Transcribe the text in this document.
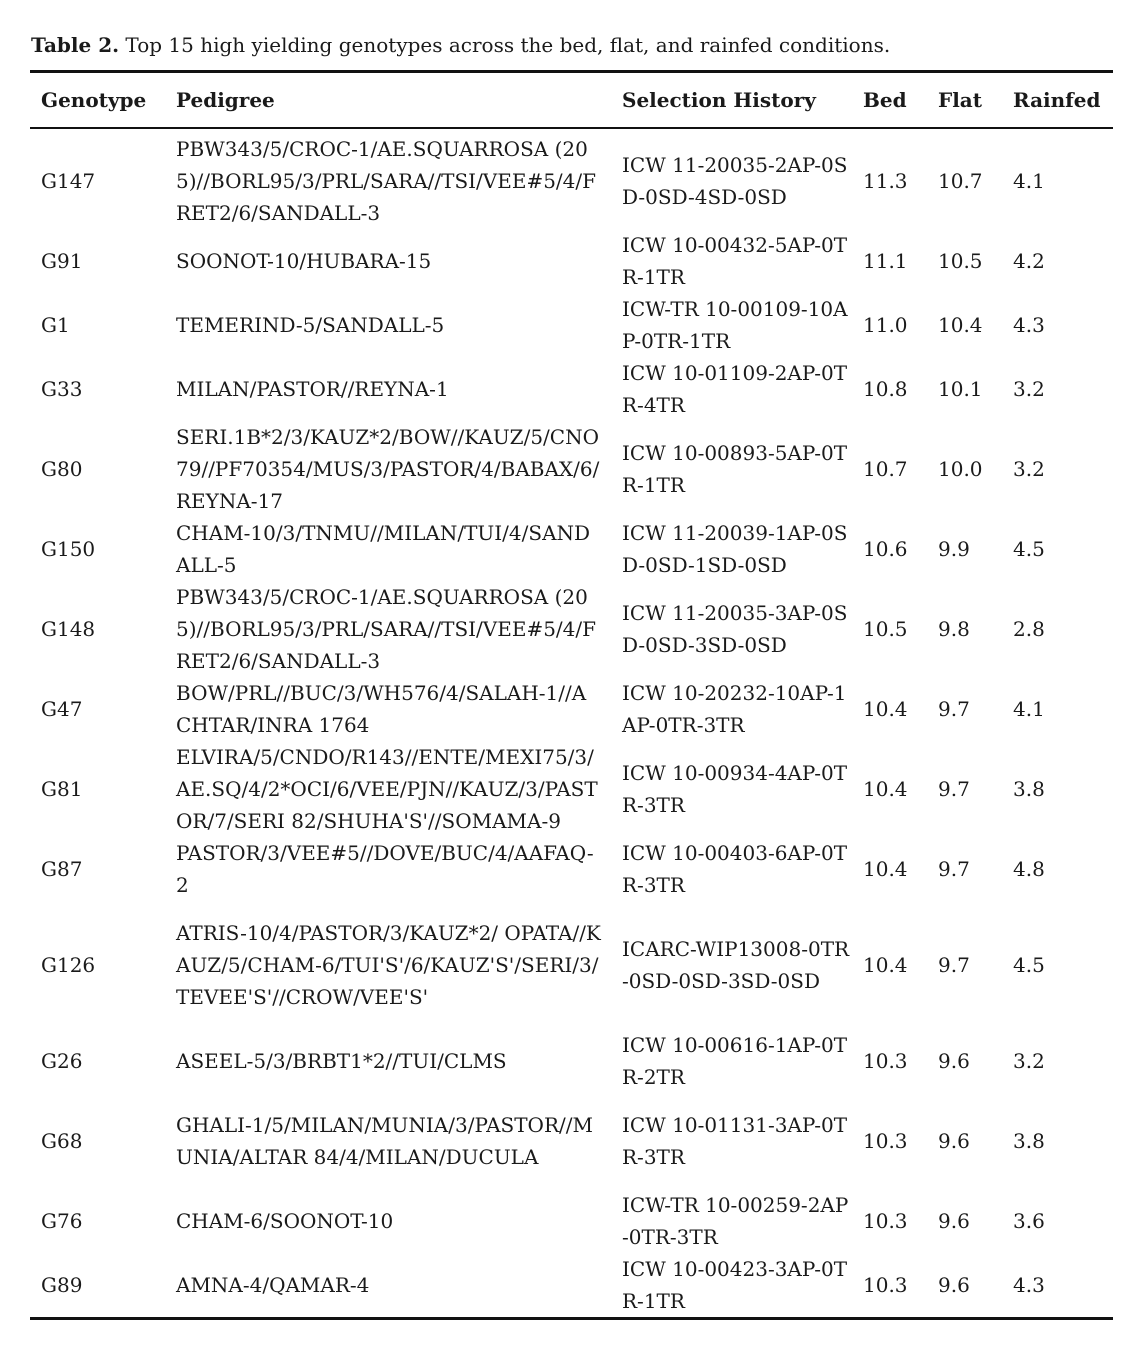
Table 2. Top 15 high yielding genotypes across the bed, flat, and rainfed conditions.
Genotype	Pedigree	Selection History	Bed	Flat	Rainfed
G147	PBW343/5/CROC-1/AE.SQUARROSA (205)//BORL95/3/PRL/SARA//TSI/VEE#5/4/FRET2/6/SANDALL-3	ICW 11-20035-2AP-0SD-0SD-4SD-0SD	11.3	10.7	4.1
G91	SOONOT-10/HUBARA-15	ICW 10-00432-5AP-0TR-1TR	11.1	10.5	4.2
G1	TEMERIND-5/SANDALL-5	ICW-TR 10-00109-10AP-0TR-1TR	11.0	10.4	4.3
G33	MILAN/PASTOR//REYNA-1	ICW 10-01109-2AP-0TR-4TR	10.8	10.1	3.2
G80	SERI.1B*2/3/KAUZ*2/BOW//KAUZ/5/CNO79//PF70354/MUS/3/PASTOR/4/BABAX/6/REYNA-17	ICW 10-00893-5AP-0TR-1TR	10.7	10.0	3.2
G150	CHAM-10/3/TNMU//MILAN/TUI/4/SANDALL-5	ICW 11-20039-1AP-0SD-0SD-1SD-0SD	10.6	9.9	4.5
G148	PBW343/5/CROC-1/AE.SQUARROSA (205)//BORL95/3/PRL/SARA//TSI/VEE#5/4/FRET2/6/SANDALL-3	ICW 11-20035-3AP-0SD-0SD-3SD-0SD	10.5	9.8	2.8
G47	BOW/PRL//BUC/3/WH576/4/SALAH-1//ACHTAR/INRA 1764	ICW 10-20232-10AP-1AP-0TR-3TR	10.4	9.7	4.1
G81	ELVIRA/5/CNDO/R143//ENTE/MEXI75/3/AE.SQ/4/2*OCI/6/VEE/PJN//KAUZ/3/PASTOR/7/SERI 82/SHUHA'S'//SOMAMA-9	ICW 10-00934-4AP-0TR-3TR	10.4	9.7	3.8
G87	PASTOR/3/VEE#5//DOVE/BUC/4/AAFAQ-2	ICW 10-00403-6AP-0TR-3TR	10.4	9.7	4.8
G126	ATRIS-10/4/PASTOR/3/KAUZ*2/ OPATA//KAUZ/5/CHAM-6/TUI'S'/6/KAUZ'S'/SERI/3/TEVEE'S'//CROW/VEE'S'	ICARC-WIP13008-0TR-0SD-0SD-3SD-0SD	10.4	9.7	4.5
G26	ASEEL-5/3/BRBT1*2//TUI/CLMS	ICW 10-00616-1AP-0TR-2TR	10.3	9.6	3.2
G68	GHALI-1/5/MILAN/MUNIA/3/PASTOR//MUNIA/ALTAR 84/4/MILAN/DUCULA	ICW 10-01131-3AP-0TR-3TR	10.3	9.6	3.8
G76	CHAM-6/SOONOT-10	ICW-TR 10-00259-2AP-0TR-3TR	10.3	9.6	3.6
G89	AMNA-4/QAMAR-4	ICW 10-00423-3AP-0TR-1TR	10.3	9.6	4.3
